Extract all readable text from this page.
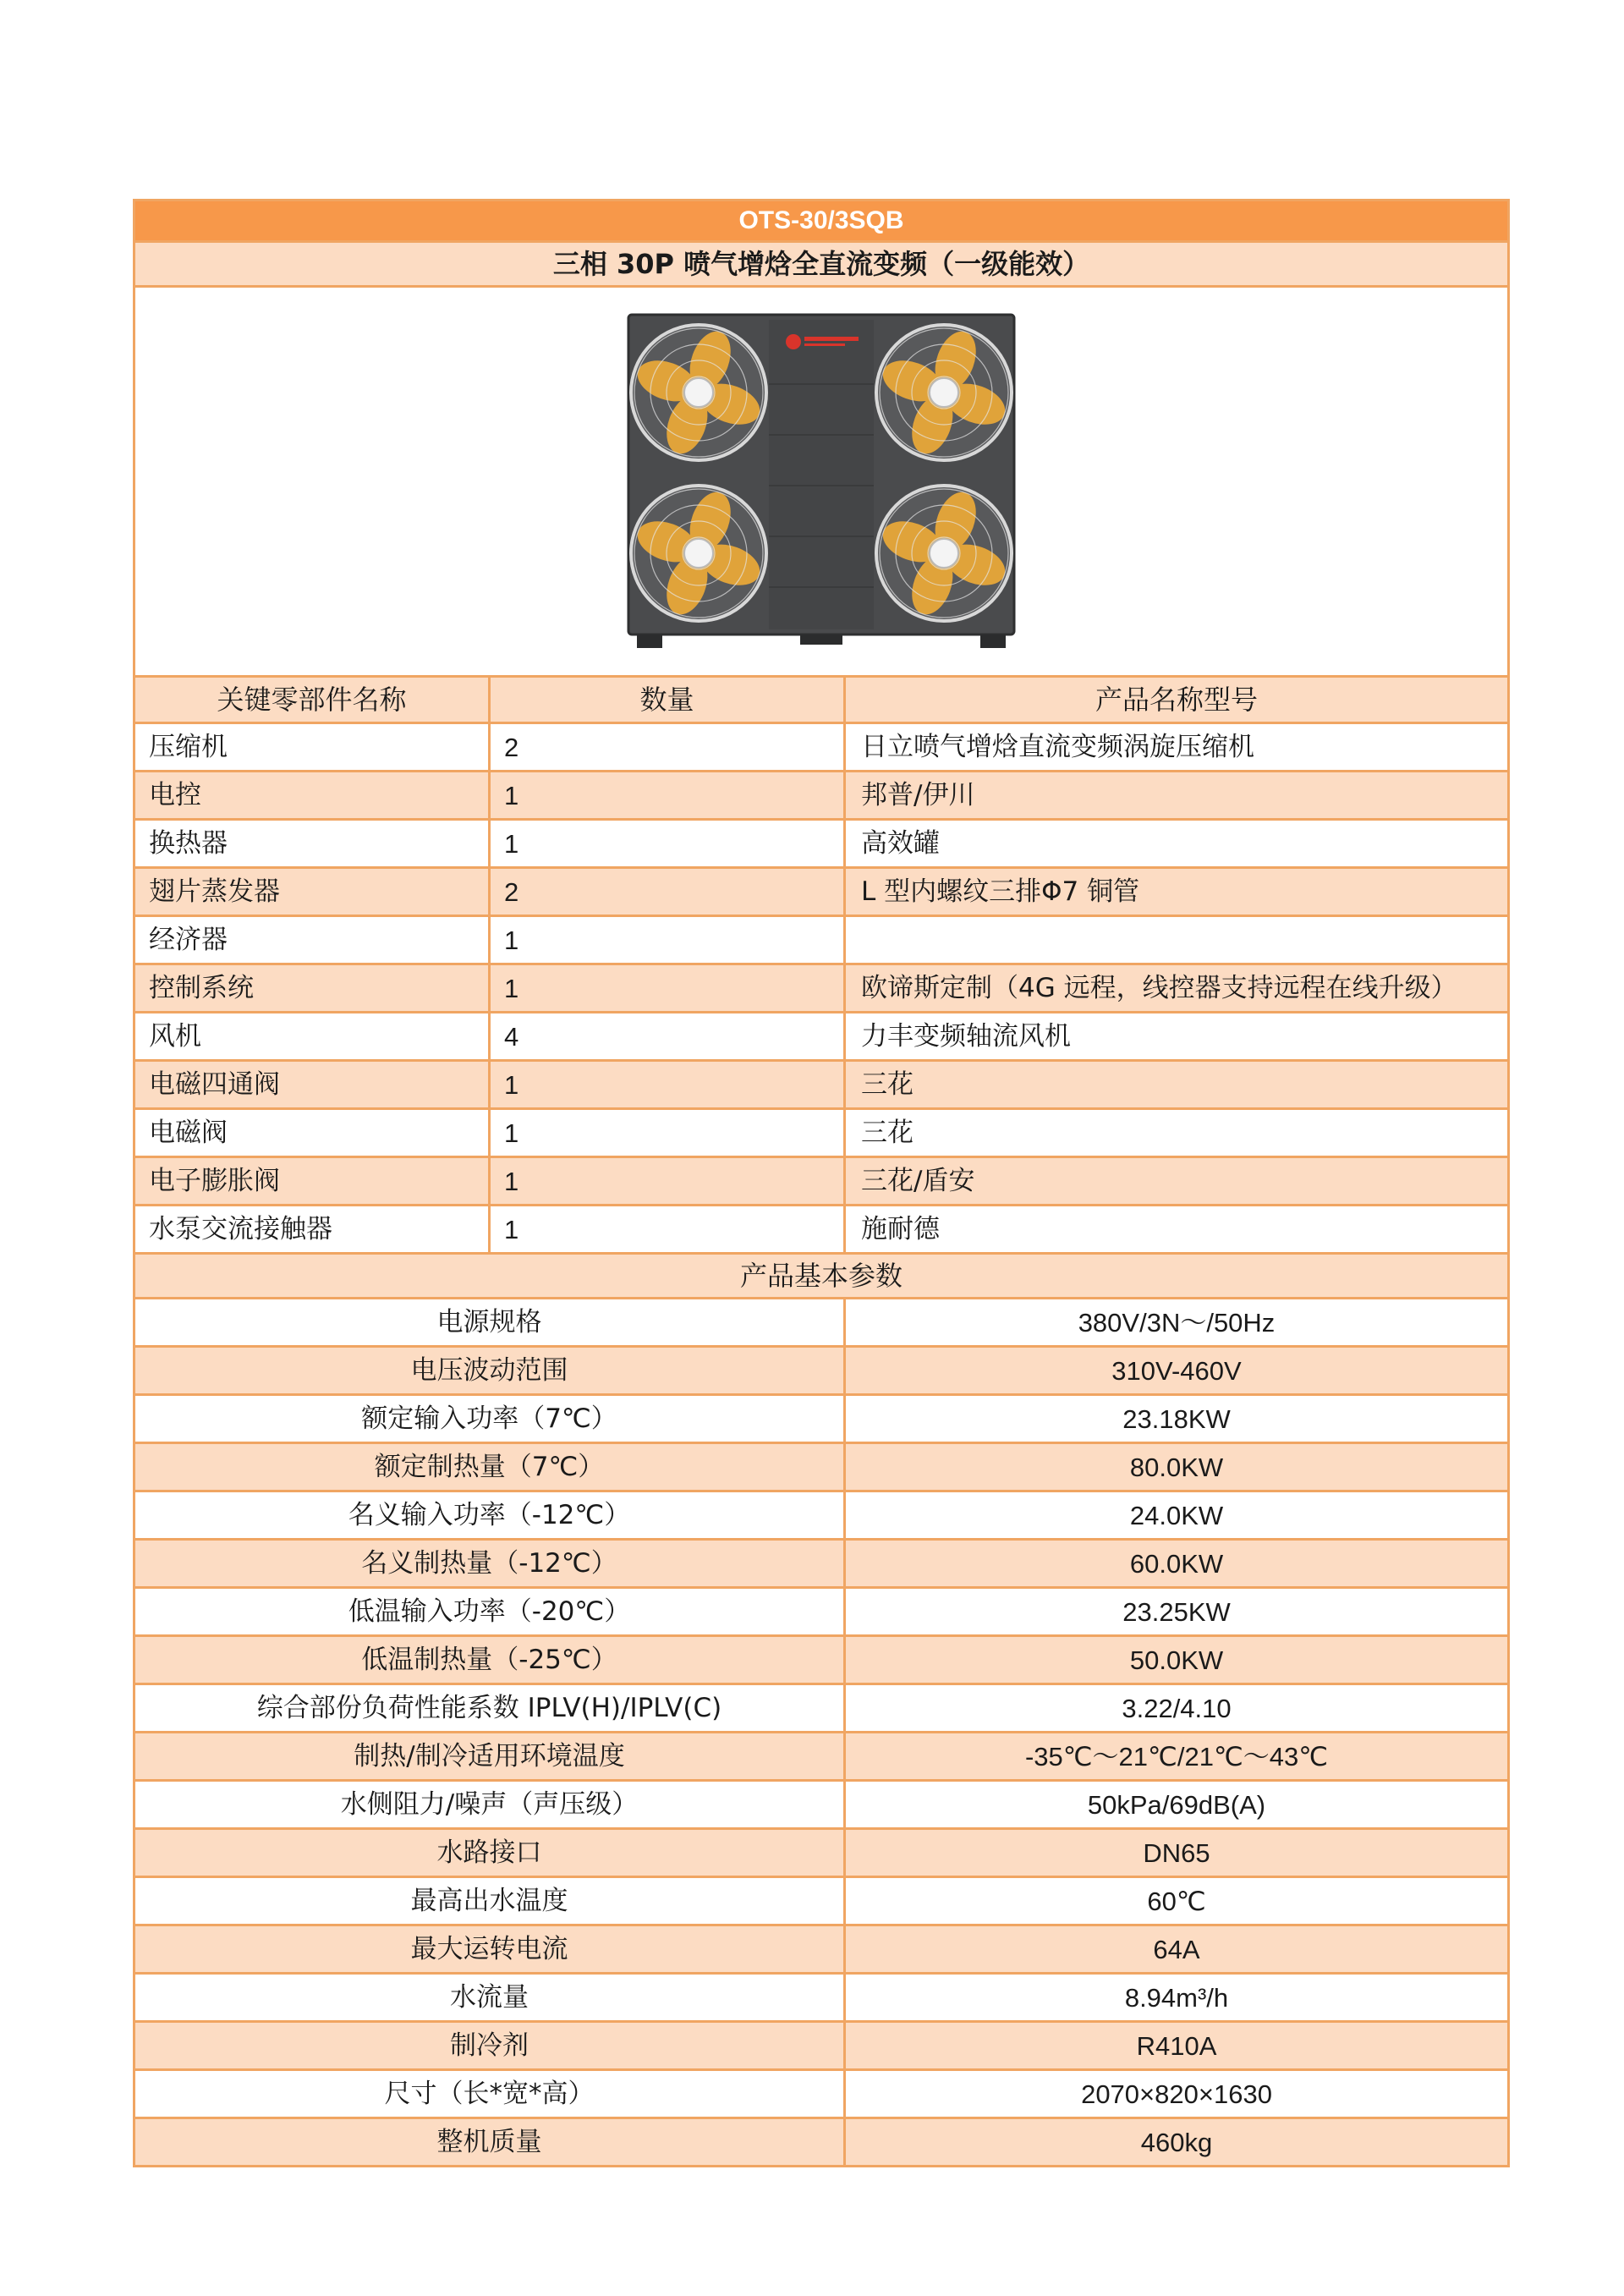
OTS-30/3SQB		
三相 30P 喷气增焓全直流变频（一级能效）		

关键零部件名称	数量	产品名称型号
压缩机	2	日立喷气增焓直流变频涡旋压缩机
电控	1	邦普/伊川
换热器	1	高效罐
翅片蒸发器	2	L 型内螺纹三排Φ7 铜管
经济器	1	
控制系统	1	欧谛斯定制（4G 远程，线控器支持远程在线升级）
风机	4	力丰变频轴流风机
电磁四通阀	1	三花
电磁阀	1	三花
电子膨胀阀	1	三花/盾安
水泵交流接触器	1	施耐德
产品基本参数		
电源规格		380V/3N～/50Hz
电压波动范围		310V-460V
额定输入功率（7℃）		23.18KW
额定制热量（7℃）		80.0KW
名义输入功率（-12℃）		24.0KW
名义制热量（-12℃）		60.0KW
低温输入功率（-20℃）		23.25KW
低温制热量（-25℃）		50.0KW
综合部份负荷性能系数 IPLV(H)/IPLV(C)		3.22/4.10
制热/制冷适用环境温度		-35℃～21℃/21℃～43℃
水侧阻力/噪声（声压级）		50kPa/69dB(A)
水路接口		DN65
最高出水温度		60℃
最大运转电流		64A
水流量		8.94m³/h
制冷剂		R410A
尺寸（长*宽*高）		2070×820×1630
整机质量		460kg
